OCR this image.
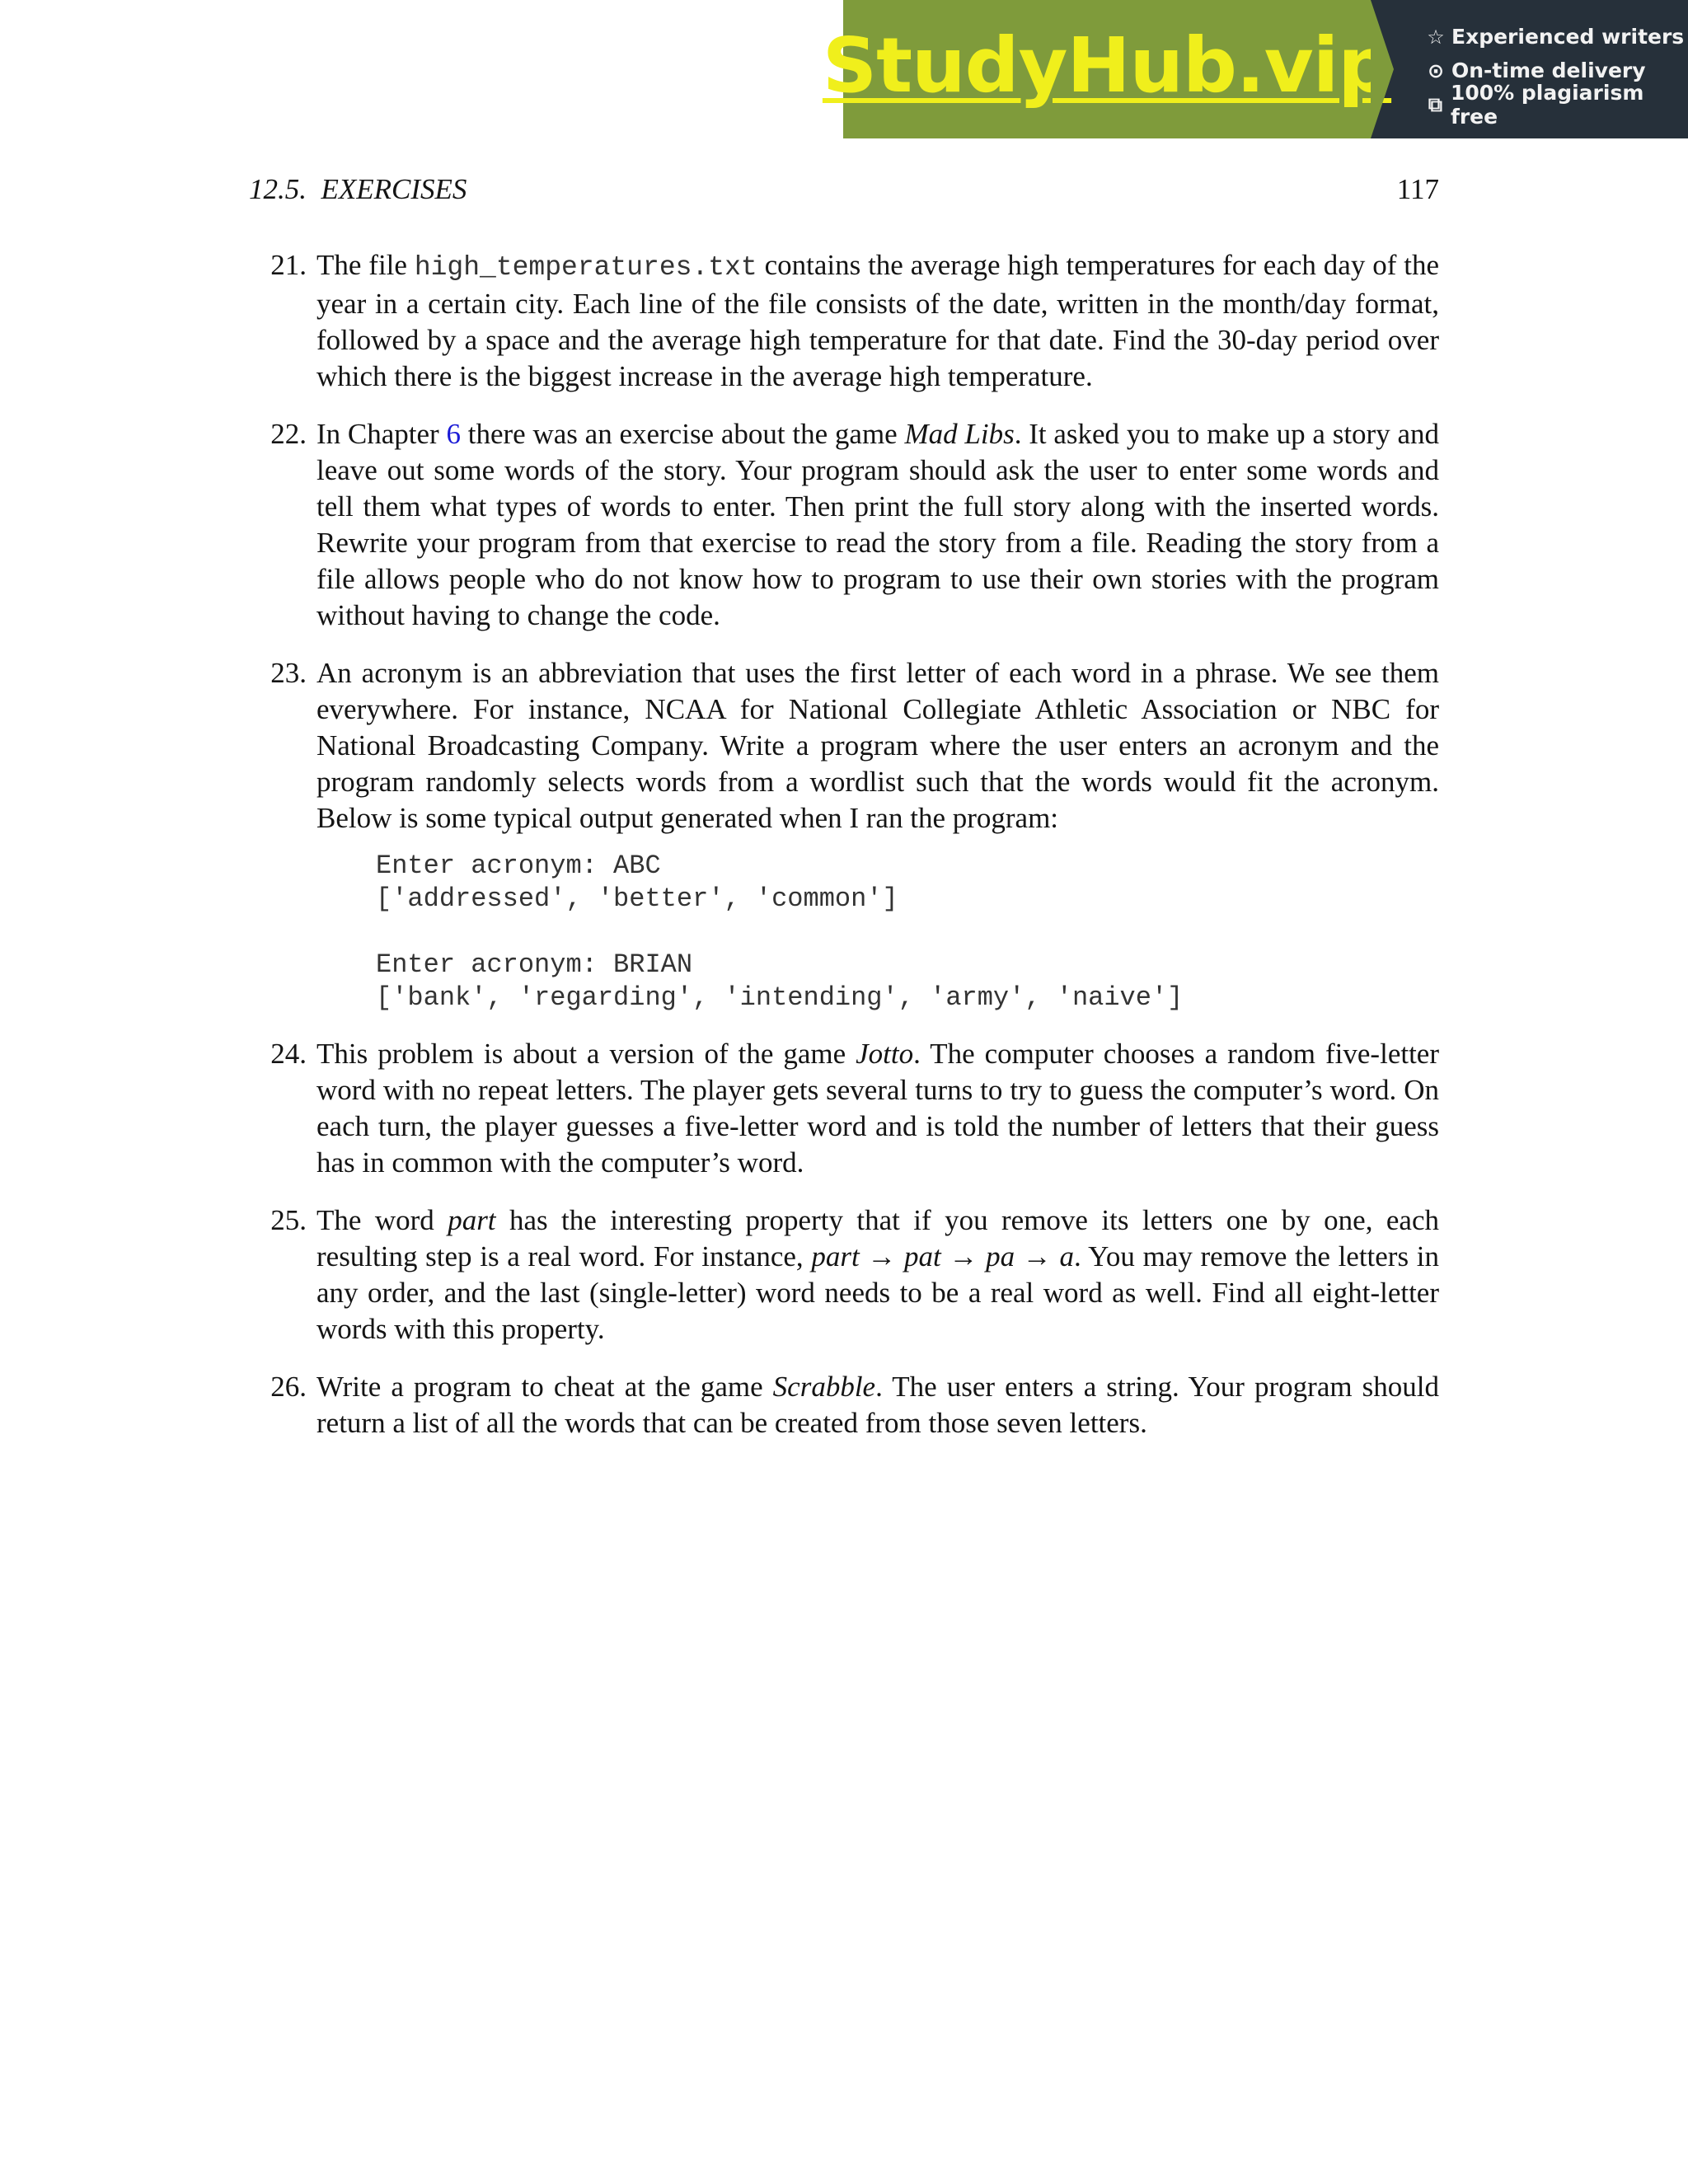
StudyHub.vip ☆ Experienced writers
⊙ On-time delivery
⧉ 100% plagiarism free
12.5.  EXERCISES	117
21. The file high_temperatures.txt contains the average high temperatures for each day of the year in a certain city. Each line of the file consists of the date, written in the month/day format, followed by a space and the average high temperature for that date. Find the 30-day period over which there is the biggest increase in the average high temperature.
22. In Chapter 6 there was an exercise about the game Mad Libs. It asked you to make up a story and leave out some words of the story. Your program should ask the user to enter some words and tell them what types of words to enter. Then print the full story along with the inserted words. Rewrite your program from that exercise to read the story from a file. Reading the story from a file allows people who do not know how to program to use their own stories with the program without having to change the code.
23. An acronym is an abbreviation that uses the first letter of each word in a phrase. We see them everywhere. For instance, NCAA for National Collegiate Athletic Association or NBC for National Broadcasting Company. Write a program where the user enters an acronym and the program randomly selects words from a wordlist such that the words would fit the acronym. Below is some typical output generated when I ran the program:
Enter acronym: ABC
['addressed', 'better', 'common']
Enter acronym: BRIAN
['bank', 'regarding', 'intending', 'army', 'naive']
24. This problem is about a version of the game Jotto. The computer chooses a random five-letter word with no repeat letters. The player gets several turns to try to guess the computer’s word. On each turn, the player guesses a five-letter word and is told the number of letters that their guess has in common with the computer’s word.
25. The word part has the interesting property that if you remove its letters one by one, each resulting step is a real word. For instance, part → pat → pa → a. You may remove the letters in any order, and the last (single-letter) word needs to be a real word as well. Find all eight-letter words with this property.
26. Write a program to cheat at the game Scrabble. The user enters a string. Your program should return a list of all the words that can be created from those seven letters.
